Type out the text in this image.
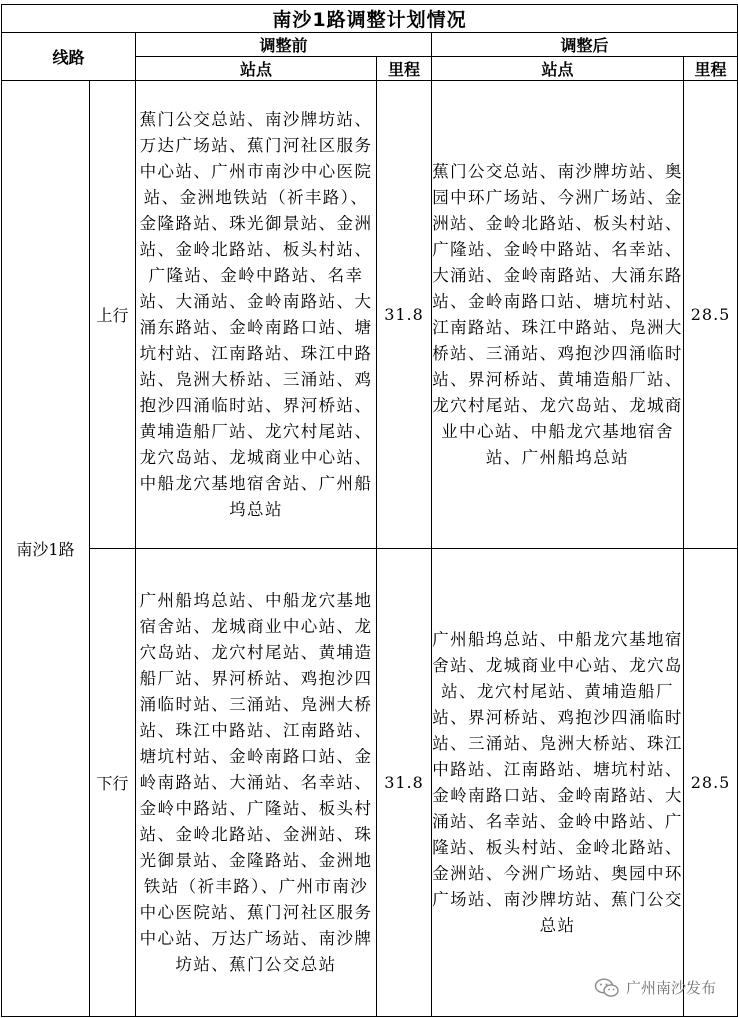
南沙1路调整计划情况					
线路		调整前		调整后	
		站点	里程	站点	里程
南沙1路	上行	蕉门公交总站、南沙牌坊站、万达广场站、蕉门河社区服务中心站、广州市南沙中心医院站、金洲地铁站（祈丰路）、金隆路站、珠光御景站、金洲站、金岭北路站、板头村站、广隆站、金岭中路站、名幸站、大涌站、金岭南路站、大涌东路站、金岭南路口站、塘坑村站、江南路站、珠江中路站、凫洲大桥站、三涌站、鸡抱沙四涌临时站、界河桥站、黄埔造船厂站、龙穴村尾站、龙穴岛站、龙城商业中心站、中船龙穴基地宿舍站、广州船坞总站	31.8	蕉门公交总站、南沙牌坊站、奥园中环广场站、今洲广场站、金洲站、金岭北路站、板头村站、广隆站、金岭中路站、名幸站、大涌站、金岭南路站、大涌东路站、金岭南路口站、塘坑村站、江南路站、珠江中路站、凫洲大桥站、三涌站、鸡抱沙四涌临时站、界河桥站、黄埔造船厂站、龙穴村尾站、龙穴岛站、龙城商业中心站、中船龙穴基地宿舍站、广州船坞总站	28.5
	下行	广州船坞总站、中船龙穴基地宿舍站、龙城商业中心站、龙穴岛站、龙穴村尾站、黄埔造船厂站、界河桥站、鸡抱沙四涌临时站、三涌站、凫洲大桥站、珠江中路站、江南路站、塘坑村站、金岭南路口站、金岭南路站、大涌站、名幸站、金岭中路站、广隆站、板头村站、金岭北路站、金洲站、珠光御景站、金隆路站、金洲地铁站（祈丰路）、广州市南沙中心医院站、蕉门河社区服务中心站、万达广场站、南沙牌坊站、蕉门公交总站	31.8	广州船坞总站、中船龙穴基地宿舍站、龙城商业中心站、龙穴岛站、龙穴村尾站、黄埔造船厂站、界河桥站、鸡抱沙四涌临时站、三涌站、凫洲大桥站、珠江中路站、江南路站、塘坑村站、金岭南路口站、金岭南路站、大涌站、名幸站、金岭中路站、广隆站、板头村站、金岭北路站、金洲站、今洲广场站、奥园中环广场站、南沙牌坊站、蕉门公交总站	28.5
广州南沙发布
